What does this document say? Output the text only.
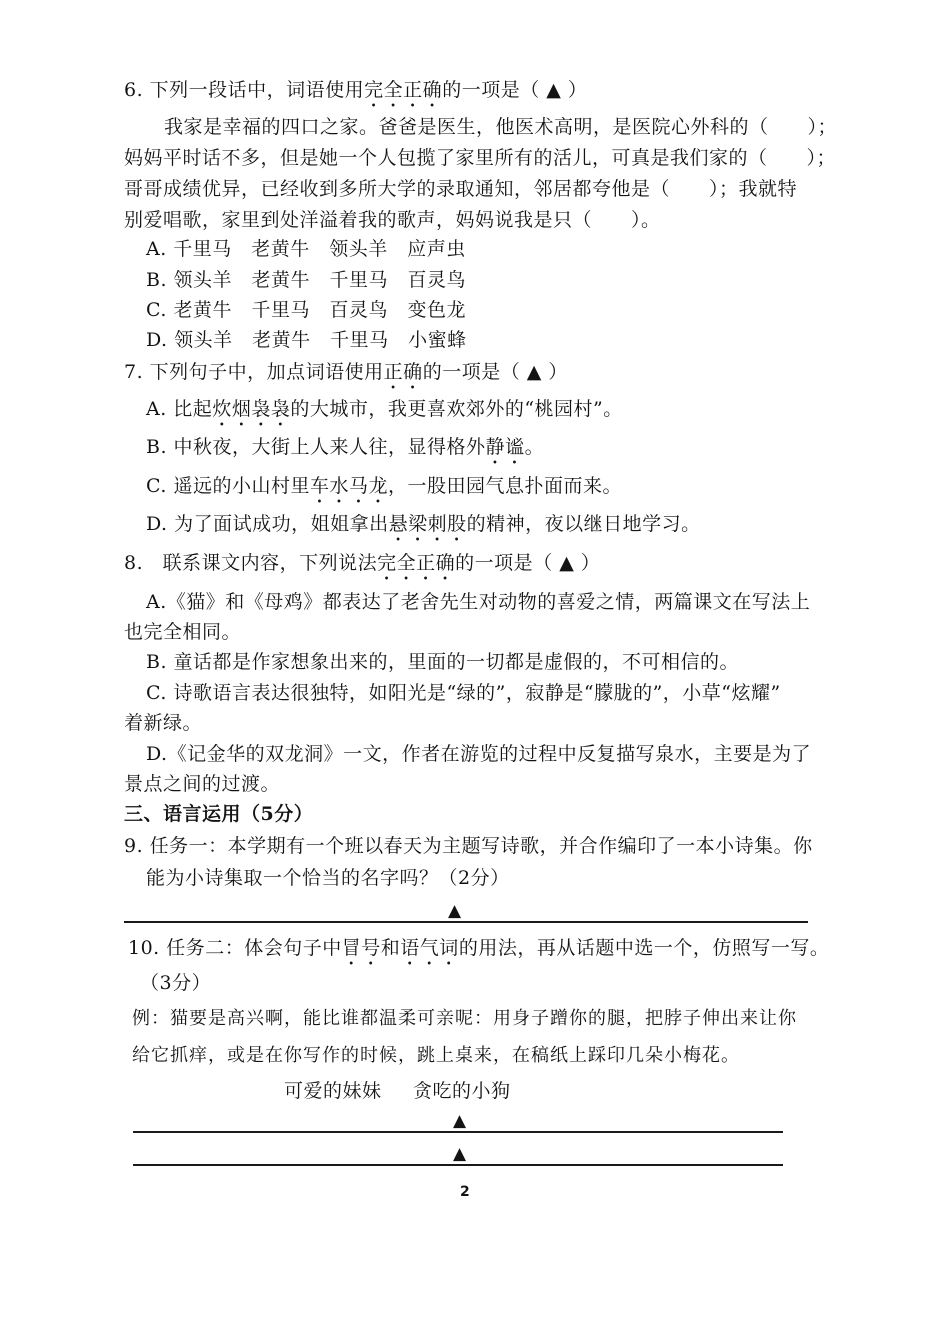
6. 下列一段话中，词语使用完全正确的一项是（ ▲ ）
我家是幸福的四口之家。爸爸是医生，他医术高明，是医院心外科的（　　）；
妈妈平时话不多，但是她一个人包揽了家里所有的活儿，可真是我们家的（　　）；
哥哥成绩优异，已经收到多所大学的录取通知，邻居都夸他是（　　）；我就特
别爱唱歌，家里到处洋溢着我的歌声，妈妈说我是只（　　）。
A. 千里马　老黄牛　领头羊　应声虫
B. 领头羊　老黄牛　千里马　百灵鸟
C. 老黄牛　千里马　百灵鸟　变色龙
D. 领头羊　老黄牛　千里马　小蜜蜂
7. 下列句子中，加点词语使用正确的一项是（ ▲ ）
A. 比起炊烟袅袅的大城市，我更喜欢郊外的“桃园村”。
B. 中秋夜，大街上人来人往，显得格外静谧。
C. 遥远的小山村里车水马龙，一股田园气息扑面而来。
D. 为了面试成功，姐姐拿出悬梁刺股的精神，夜以继日地学习。
8.　联系课文内容，下列说法完全正确的一项是（ ▲ ）
A.《猫》和《母鸡》都表达了老舍先生对动物的喜爱之情，两篇课文在写法上
也完全相同。
B. 童话都是作家想象出来的，里面的一切都是虚假的，不可相信的。
C. 诗歌语言表达很独特，如阳光是“绿的”，寂静是“朦胧的”，小草“炫耀”
着新绿。
D.《记金华的双龙洞》一文，作者在游览的过程中反复描写泉水，主要是为了
景点之间的过渡。
三、语言运用（5分）
9. 任务一：本学期有一个班以春天为主题写诗歌，并合作编印了一本小诗集。你
能为小诗集取一个恰当的名字吗？（2分）
▲
10. 任务二：体会句子中冒号和语气词的用法，再从话题中选一个，仿照写一写。
（3分）
例：猫要是高兴啊，能比谁都温柔可亲呢：用身子蹭你的腿，把脖子伸出来让你
给它抓痒，或是在你写作的时候，跳上桌来，在稿纸上踩印几朵小梅花。
可爱的妹妹 贪吃的小狗
▲
▲
2
